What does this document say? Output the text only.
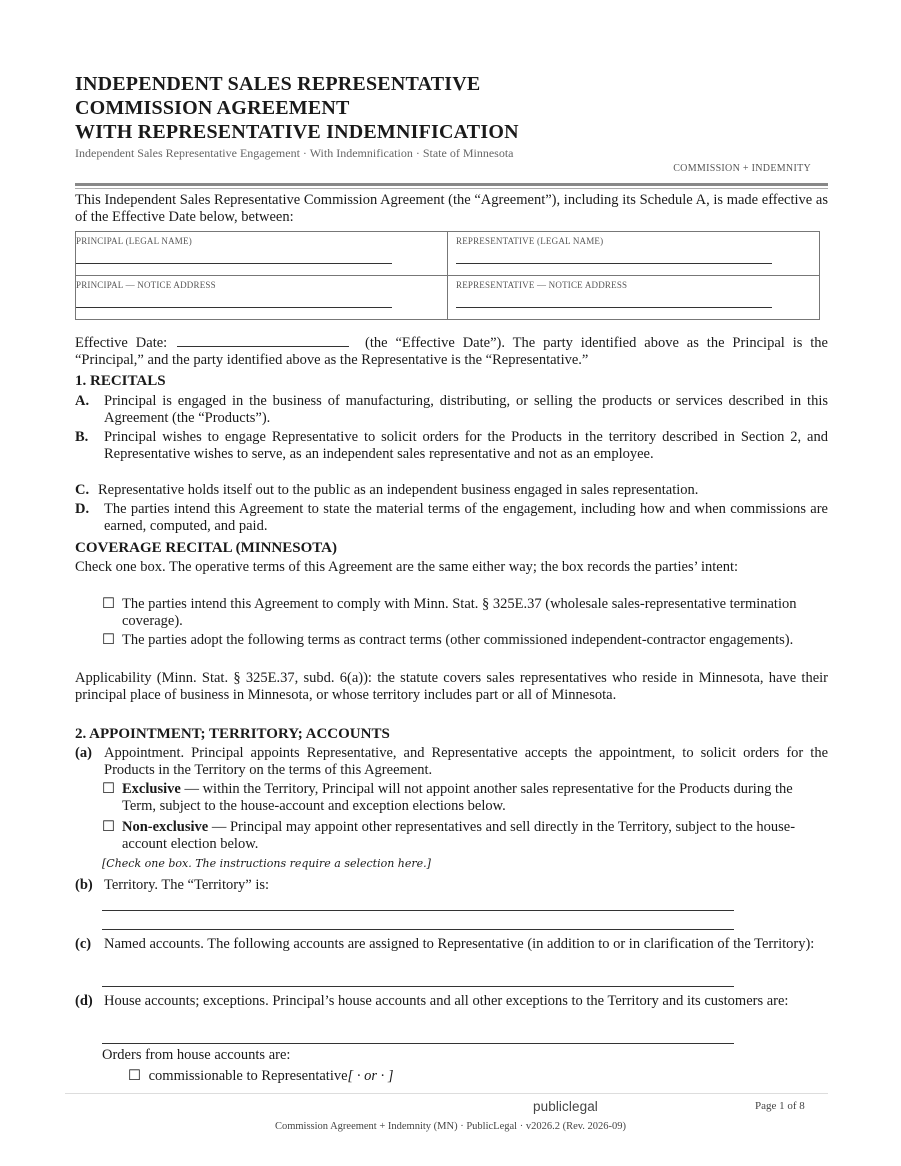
INDEPENDENT SALES REPRESENTATIVE
COMMISSION AGREEMENT
WITH REPRESENTATIVE INDEMNIFICATION
Independent Sales Representative Engagement · With Indemnification · State of Minnesota
COMMISSION + INDEMNITY
This Independent Sales Representative Commission Agreement (the “Agreement”), including its Schedule A, is made effective as of the Effective Date below, between:
PRINCIPAL (LEGAL NAME)	REPRESENTATIVE (LEGAL NAME)

PRINCIPAL — NOTICE ADDRESS	REPRESENTATIVE — NOTICE ADDRESS
Effective Date:	(the “Effective Date”). The party identified above as the Principal is the “Principal,” and the party identified above as the Representative is the “Representative.”
1. RECITALS
A. Principal is engaged in the business of manufacturing, distributing, or selling the products or services described in this Agreement (the “Products”).
B. Principal wishes to engage Representative to solicit orders for the Products in the territory described in Section 2, and Representative wishes to serve, as an independent sales representative and not as an employee.
C. Representative holds itself out to the public as an independent business engaged in sales representation.
D. The parties intend this Agreement to state the material terms of the engagement, including how and when commissions are earned, computed, and paid.
COVERAGE RECITAL (MINNESOTA)
Check one box. The operative terms of this Agreement are the same either way; the box records the parties’ intent:
☐ The parties intend this Agreement to comply with Minn. Stat. § 325E.37 (wholesale sales-representative termination coverage).
☐ The parties adopt the following terms as contract terms (other commissioned independent-contractor engagements).
Applicability (Minn. Stat. § 325E.37, subd. 6(a)): the statute covers sales representatives who reside in Minnesota, have their principal place of business in Minnesota, or whose territory includes part or all of Minnesota.
2. APPOINTMENT; TERRITORY; ACCOUNTS
(a) Appointment. Principal appoints Representative, and Representative accepts the appointment, to solicit orders for the Products in the Territory on the terms of this Agreement.
☐ Exclusive — within the Territory, Principal will not appoint another sales representative for the Products during the Term, subject to the house-account and exception elections below.
☐ Non-exclusive — Principal may appoint other representatives and sell directly in the Territory, subject to the house-account election below.
[Check one box. The instructions require a selection here.]
(b) Territory. The “Territory” is:
(c) Named accounts. The following accounts are assigned to Representative (in addition to or in clarification of the Territory):
(d) House accounts; exceptions. Principal’s house accounts and all other exceptions to the Territory and its customers are:
Orders from house accounts are:
☐ commissionable to Representative[ · or · ]
publiclegal	Page 1 of 8
Commission Agreement + Indemnity (MN) · PublicLegal · v2026.2 (Rev. 2026-09)
